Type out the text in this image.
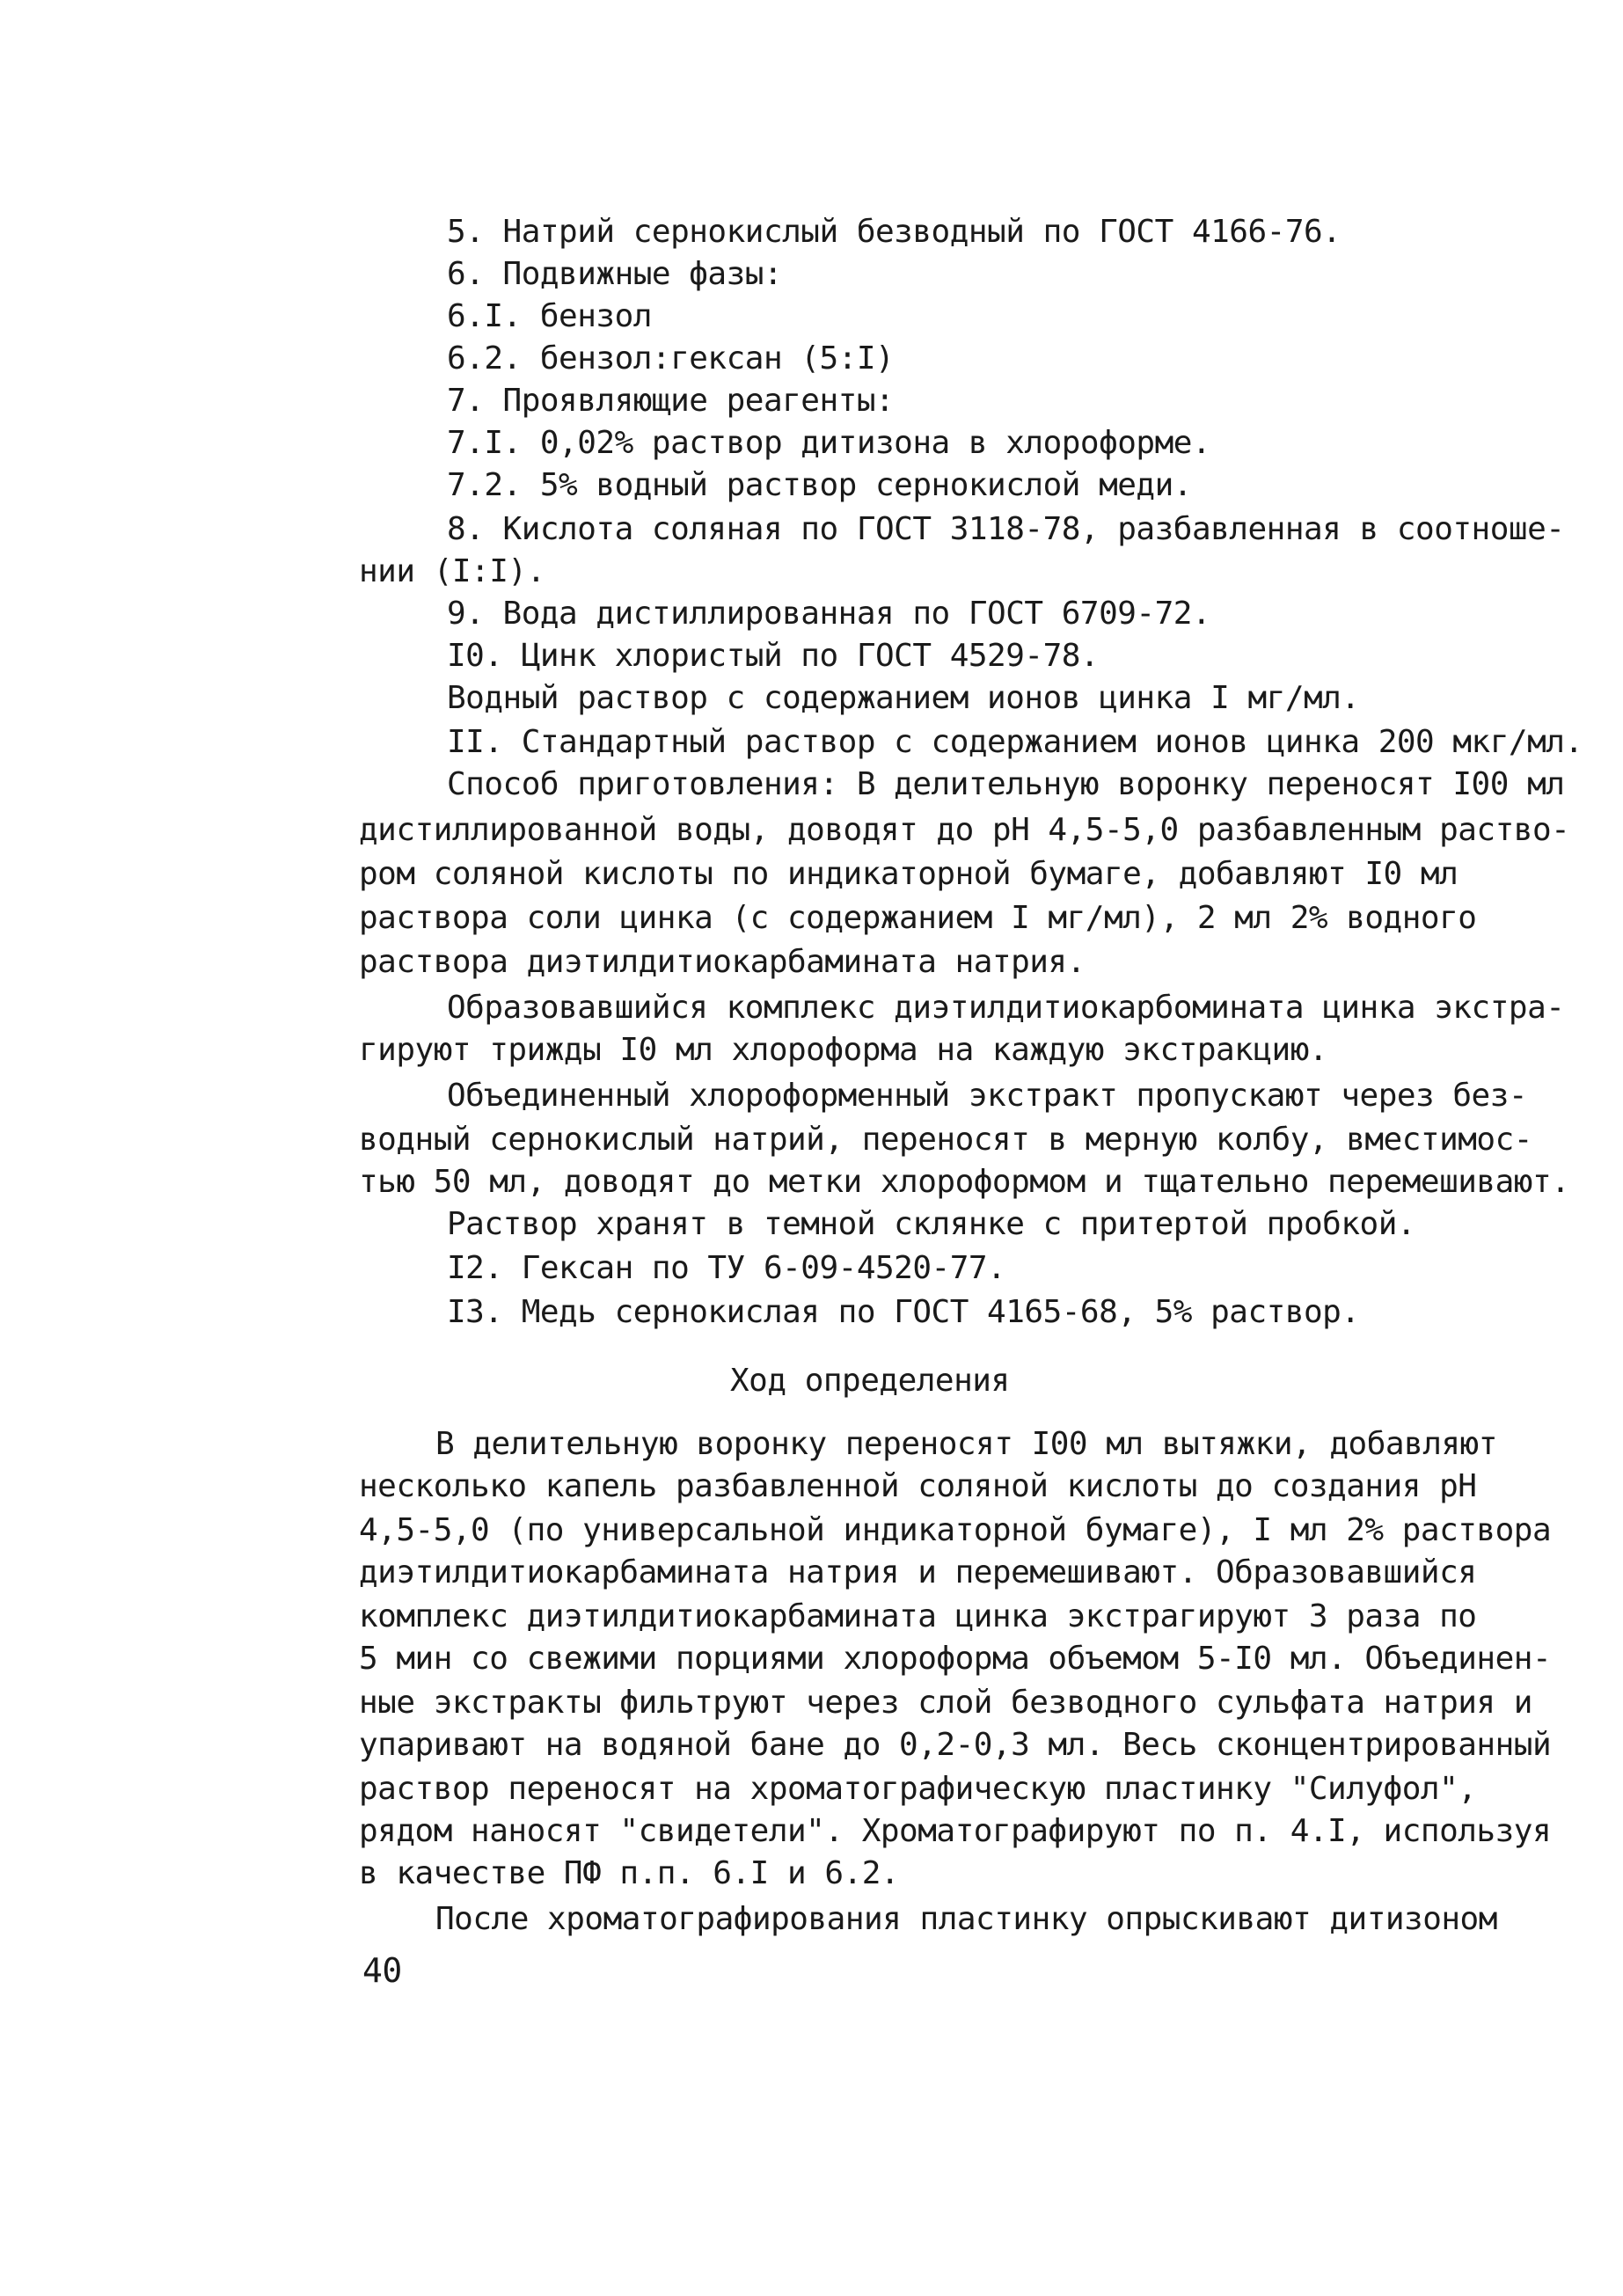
5. Натрий сернокислый безводный по ГОСТ 4166-76.
6. Подвижные фазы:
6.I. бензол
6.2. бензол:гексан (5:I)
7. Проявляющие реагенты:
7.I. 0,02% раствор дитизона в хлороформе.
7.2. 5% водный раствор сернокислой меди.
8. Кислота соляная по ГОСТ 3118-78, разбавленная в соотноше-
нии (I:I).
9. Вода дистиллированная по ГОСТ 6709-72.
I0. Цинк хлористый по ГОСТ 4529-78.
Водный раствор с содержанием ионов цинка I мг/мл.
II. Стандартный раствор с содержанием ионов цинка 200 мкг/мл.
Способ приготовления: В делительную воронку переносят I00 мл
дистиллированной воды, доводят до рН 4,5-5,0 разбавленным раство-
ром соляной кислоты по индикаторной бумаге, добавляют I0 мл
раствора соли цинка (с содержанием I мг/мл), 2 мл 2% водного
раствора диэтилдитиокарбамината натрия.
Образовавшийся комплекс диэтилдитиокарбомината цинка экстра-
гируют трижды I0 мл хлороформа на каждую экстракцию.
Объединенный хлороформенный экстракт пропускают через без-
водный сернокислый натрий, переносят в мерную колбу, вместимос-
тью 50 мл, доводят до метки хлороформом и тщательно перемешивают.
Раствор хранят в темной склянке с притертой пробкой.
I2. Гексан по ТУ 6-09-4520-77.
I3. Медь сернокислая по ГОСТ 4165-68, 5% раствор.
Ход определения
В делительную воронку переносят I00 мл вытяжки, добавляют
несколько капель разбавленной соляной кислоты до создания рН
4,5-5,0 (по универсальной индикаторной бумаге), I мл 2% раствора
диэтилдитиокарбамината натрия и перемешивают. Образовавшийся
комплекс диэтилдитиокарбамината цинка экстрагируют 3 раза по
5 мин со свежими порциями хлороформа объемом 5-I0 мл. Объединен-
ные экстракты фильтруют через слой безводного сульфата натрия и
упаривают на водяной бане до 0,2-0,3 мл. Весь сконцентрированный
раствор переносят на хроматографическую пластинку "Силуфол",
рядом наносят "свидетели". Хроматографируют по п. 4.I, используя
в качестве ПФ п.п. 6.I и 6.2.
После хроматографирования пластинку опрыскивают дитизоном
40
